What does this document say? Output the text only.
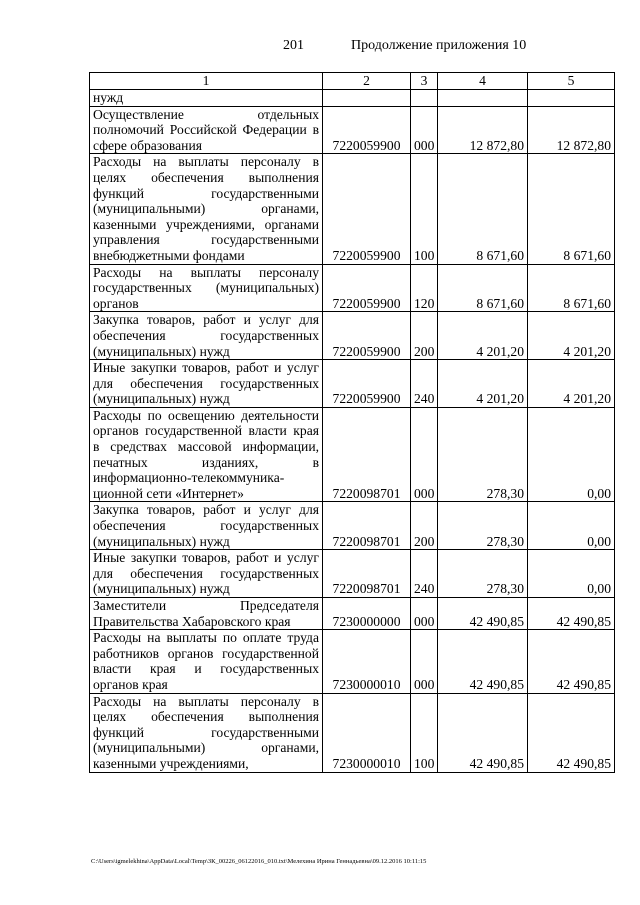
201	Продолжение приложения 10
1	2	3	4	5
нужд				
Осуществление отдельных полномочий Российской Федерации в сфере образования	7220059900	000	12 872,80	12 872,80
Расходы на выплаты персоналу в целях обеспечения выполнения функций государственными (муниципальными) органами, казенными учреждениями, органами управления государственными внебюджетными фондами	7220059900	100	8 671,60	8 671,60
Расходы на выплаты персоналу государственных (муниципальных) органов	7220059900	120	8 671,60	8 671,60
Закупка товаров, работ и услуг для обеспечения государственных (муниципальных) нужд	7220059900	200	4 201,20	4 201,20
Иные закупки товаров, работ и услуг для обеспечения государственных (муниципальных) нужд	7220059900	240	4 201,20	4 201,20
Расходы по освещению деятельности органов государственной власти края в средствах массовой информации, печатных изданиях, в информационно-телекоммуника-ционной сети «Интернет»	7220098701	000	278,30	0,00
Закупка товаров, работ и услуг для обеспечения государственных (муниципальных) нужд	7220098701	200	278,30	0,00
Иные закупки товаров, работ и услуг для обеспечения государственных (муниципальных) нужд	7220098701	240	278,30	0,00
Заместители Председателя Правительства Хабаровского края	7230000000	000	42 490,85	42 490,85
Расходы на выплаты по оплате труда работников органов государственной власти края и государственных органов края	7230000010	000	42 490,85	42 490,85
Расходы на выплаты персоналу в целях обеспечения выполнения функций государственными (муниципальными) органами, казенными учреждениями,	7230000010	100	42 490,85	42 490,85
C:\Users\igmelekhina\AppData\Local\Temp\ЗК_00226_06122016_010.txt\Мелехина Ирина Геннадьевна\09.12.2016 10:11:15
